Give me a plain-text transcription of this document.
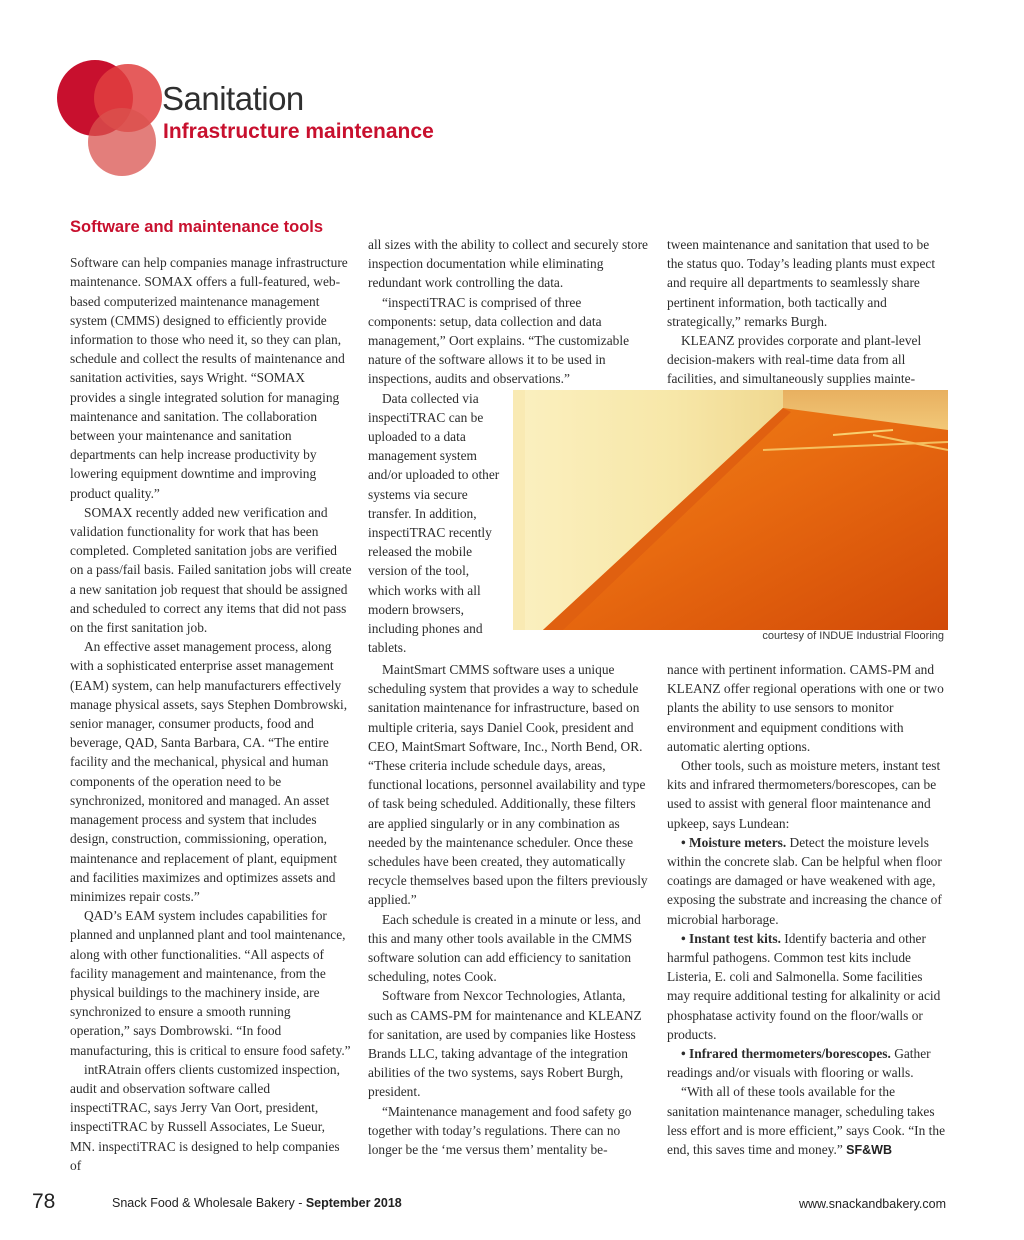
Sanitation
Infrastructure maintenance
Software and maintenance tools

Software can help companies manage infrastructure maintenance. SOMAX offers a full-featured, web-based computerized maintenance management system (CMMS) designed to efficiently provide information to those who need it, so they can plan, schedule and collect the results of maintenance and sanitation activities, says Wright. “SOMAX provides a single integrated solution for managing maintenance and sanitation. The collaboration between your maintenance and sanitation departments can help increase productivity by lowering equipment downtime and improving product quality.”

SOMAX recently added new verification and validation functionality for work that has been completed. Completed sanitation jobs are verified on a pass/fail basis. Failed sanitation jobs will create a new sanitation job request that should be assigned and scheduled to correct any items that did not pass on the first sanitation job.

An effective asset management process, along with a sophisticated enterprise asset management (EAM) system, can help manufacturers effectively manage physical assets, says Stephen Dombrowski, senior manager, consumer products, food and beverage, QAD, Santa Barbara, CA. “The entire facility and the mechanical, physical and human components of the operation need to be synchronized, monitored and managed. An asset management process and system that includes design, construction, commissioning, operation, maintenance and replacement of plant, equipment and facilities maximizes and optimizes assets and minimizes repair costs.”

QAD’s EAM system includes capabilities for planned and unplanned plant and tool maintenance, along with other functionalities. “All aspects of facility management and maintenance, from the physical buildings to the machinery inside, are synchronized to ensure a smooth running operation,” says Dombrowski. “In food manufacturing, this is critical to ensure food safety.”

intRAtrain offers clients customized inspection, audit and observation software called inspectiTRAC, says Jerry Van Oort, president, inspectiTRAC by Russell Associates, Le Sueur, MN. inspectiTRAC is designed to help companies of

all sizes with the ability to collect and securely store inspection documentation while eliminating redundant work controlling the data.

“inspectiTRAC is comprised of three components: setup, data collection and data management,” Oort explains. “The customizable nature of the software allows it to be used in inspections, audits and observations.”

Data collected via inspectiTRAC can be uploaded to a data management system and/or uploaded to other systems via secure transfer. In addition, inspectiTRAC recently released the mobile version of the tool, which works with all modern browsers, including phones and tablets.

MaintSmart CMMS software uses a unique scheduling system that provides a way to schedule sanitation maintenance for infrastructure, based on multiple criteria, says Daniel Cook, president and CEO, MaintSmart Software, Inc., North Bend, OR. “These criteria include schedule days, areas, functional locations, personnel availability and type of task being scheduled. Additionally, these filters are applied singularly or in any combination as needed by the maintenance scheduler. Once these schedules have been created, they automatically recycle themselves based upon the filters previously applied.”

Each schedule is created in a minute or less, and this and many other tools available in the CMMS software solution can add efficiency to sanitation scheduling, notes Cook.

Software from Nexcor Technologies, Atlanta, such as CAMS-PM for maintenance and KLEANZ for sanitation, are used by companies like Hostess Brands LLC, taking advantage of the integration abilities of the two systems, says Robert Burgh, president.

“Maintenance management and food safety go together with today’s regulations. There can no longer be the ‘me versus them’ mentality be-

tween maintenance and sanitation that used to be the status quo. Today’s leading plants must expect and require all departments to seamlessly share pertinent information, both tactically and strategically,” remarks Burgh.

KLEANZ provides corporate and plant-level decision-makers with real-time data from all facilities, and simultaneously supplies mainte-

courtesy of INDUE Industrial Flooring

nance with pertinent information. CAMS-PM and KLEANZ offer regional operations with one or two plants the ability to use sensors to monitor environment and equipment conditions with automatic alerting options.

Other tools, such as moisture meters, instant test kits and infrared thermometers/borescopes, can be used to assist with general floor maintenance and upkeep, says Lundean:

• Moisture meters. Detect the moisture levels within the concrete slab. Can be helpful when floor coatings are damaged or have weakened with age, exposing the substrate and increasing the chance of microbial harborage.

• Instant test kits. Identify bacteria and other harmful pathogens. Common test kits include Listeria, E. coli and Salmonella. Some facilities may require additional testing for alkalinity or acid phosphatase activity found on the floor/walls or products.

• Infrared thermometers/borescopes. Gather readings and/or visuals with flooring or walls.

“With all of these tools available for the sanitation maintenance manager, scheduling takes less effort and is more efficient,” says Cook. “In the end, this saves time and money.” SF&WB

78	Snack Food & Wholesale Bakery - September 2018	www.snackandbakery.com
